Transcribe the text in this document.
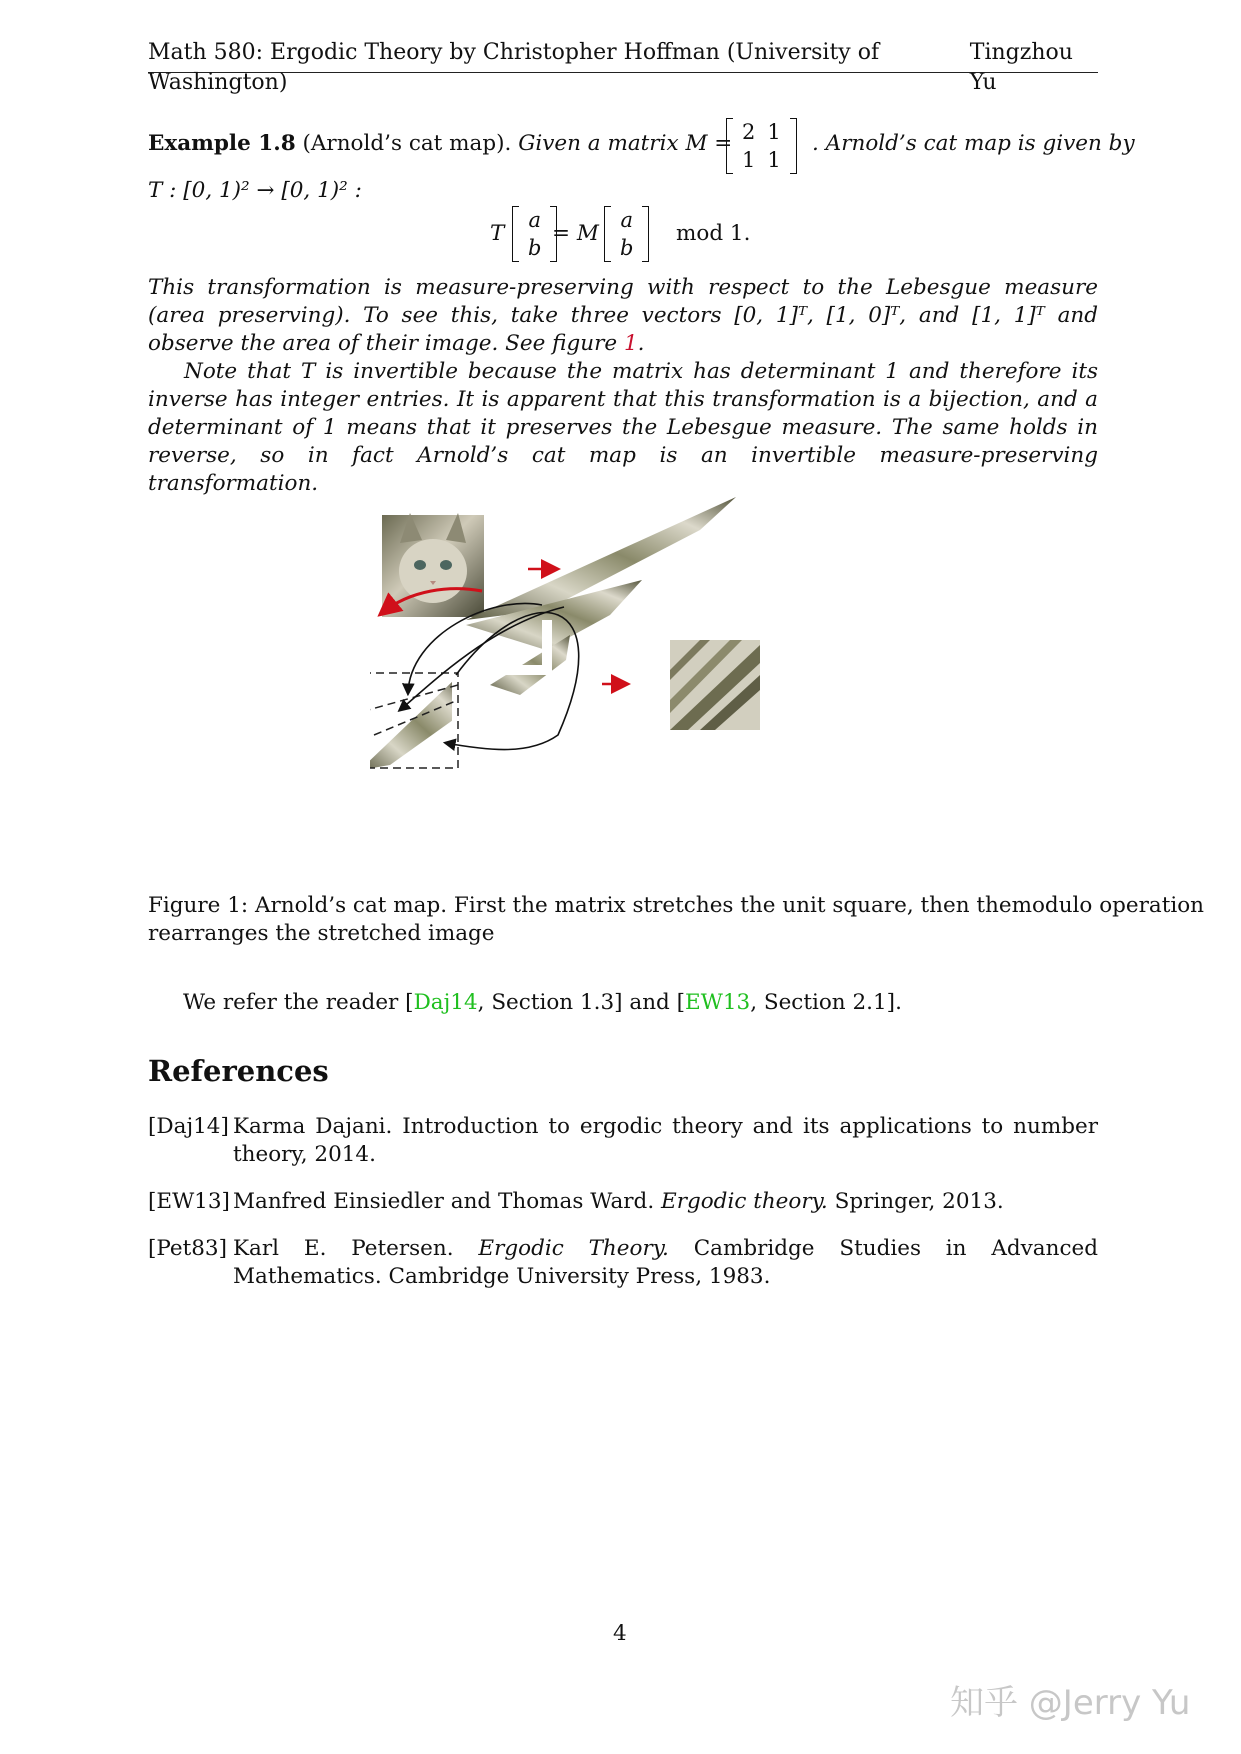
Math 580: Ergodic Theory by Christopher Hoffman (University of Washington)
Tingzhou Yu
Example 1.8 (Arnold’s cat map). Given a matrix M = 2	1
1	1
. Arnold’s cat map is given by
T : [0, 1)² → [0, 1)² :
T
a
b
= M
a
b
mod 1.
This transformation is measure-preserving with respect to the Lebesgue measure (area preserving). To see this, take three vectors [0, 1]ᵀ, [1, 0]ᵀ, and [1, 1]ᵀ and observe the area of their image. See figure 1.
Note that T is invertible because the matrix has determinant 1 and therefore its inverse has integer entries. It is apparent that this transformation is a bijection, and a determinant of 1 means that it preserves the Lebesgue measure. The same holds in reverse, so in fact Arnold’s cat map is an invertible measure-preserving transformation.
Figure 1: Arnold’s cat map. First the matrix stretches the unit square, then themodulo operation
rearranges the stretched image
We refer the reader [Daj14, Section 1.3] and [EW13, Section 2.1].
References
[Daj14] Karma Dajani. Introduction to ergodic theory and its applications to number theory, 2014.
[EW13] Manfred Einsiedler and Thomas Ward. Ergodic theory. Springer, 2013.
[Pet83] Karl E. Petersen. Ergodic Theory. Cambridge Studies in Advanced Mathematics. Cambridge University Press, 1983.
4
知乎 @Jerry Yu
